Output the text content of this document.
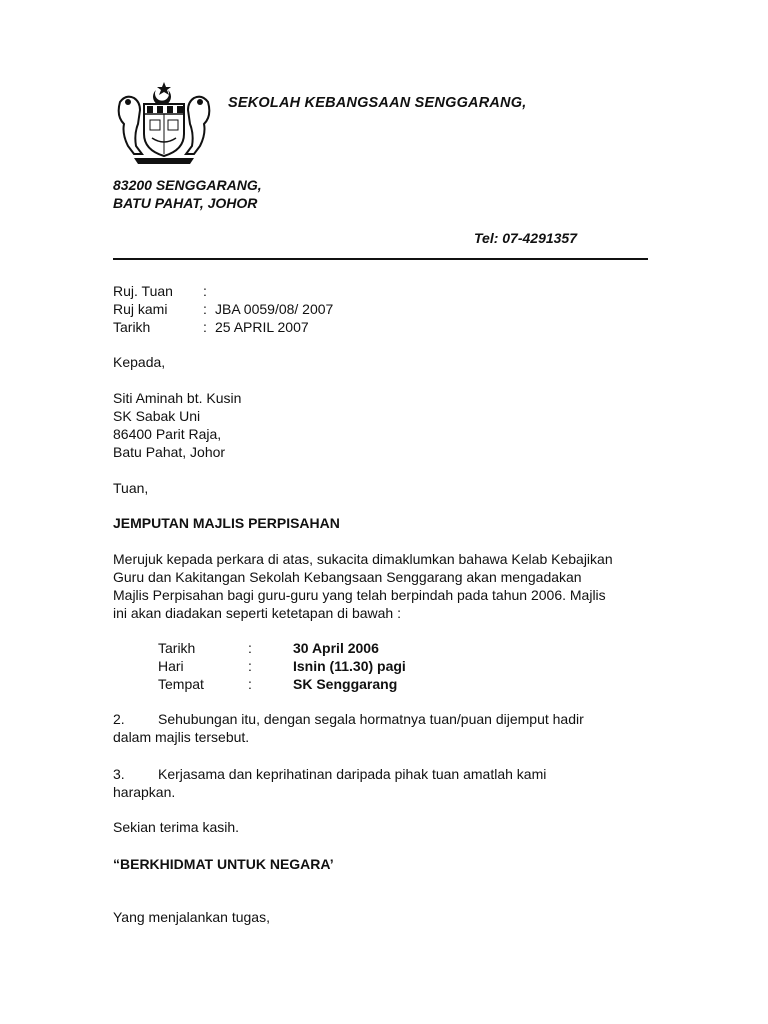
SEKOLAH KEBANGSAAN SENGGARANG,
83200 SENGGARANG,
BATU PAHAT, JOHOR
Tel: 07-4291357
Ruj. Tuan	:
Ruj kami	: JBA 0059/08/ 2007
Tarikh	: 25 APRIL 2007
Kepada,
Siti Aminah bt. Kusin
SK Sabak Uni
86400 Parit Raja,
Batu Pahat, Johor
Tuan,
JEMPUTAN MAJLIS PERPISAHAN
Merujuk kepada perkara di atas, sukacita dimaklumkan bahawa Kelab Kebajikan
Guru dan Kakitangan Sekolah Kebangsaan Senggarang akan mengadakan
Majlis Perpisahan bagi guru-guru yang telah berpindah pada tahun 2006. Majlis
ini akan diadakan seperti ketetapan di bawah :
Tarikh	:	30 April 2006
Hari	:	Isnin (11.30) pagi
Tempat	:	SK Senggarang
2. Sehubungan itu, dengan segala hormatnya tuan/puan dijemput hadir
dalam majlis tersebut.
3. Kerjasama dan keprihatinan daripada pihak tuan amatlah kami
harapkan.
Sekian terima kasih.
“BERKHIDMAT UNTUK NEGARA’
Yang menjalankan tugas,
